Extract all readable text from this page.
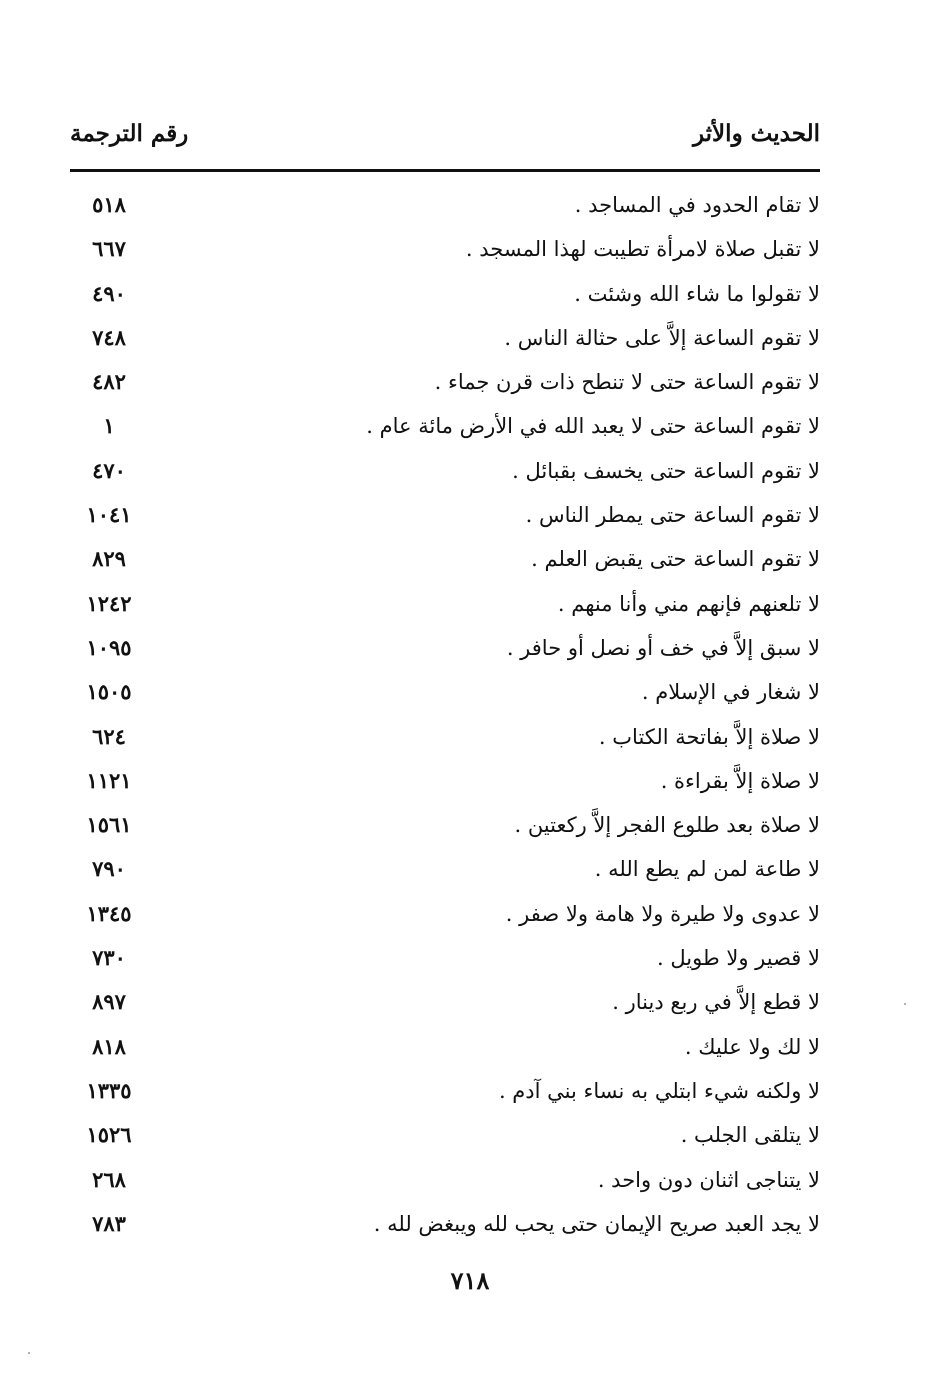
الحديث والأثر
رقم الترجمة
لا تقام الحدود في المساجد .
٥١٨
لا تقبل صلاة لامرأة تطيبت لهذا المسجد .
٦٦٧
لا تقولوا ما شاء الله وشئت .
٤٩٠
لا تقوم الساعة إلاَّ على حثالة الناس .
٧٤٨
لا تقوم الساعة حتى لا تنطح ذات قرن جماء .
٤٨٢
لا تقوم الساعة حتى لا يعبد الله في الأرض مائة عام .
١
لا تقوم الساعة حتى يخسف بقبائل .
٤٧٠
لا تقوم الساعة حتى يمطر الناس .
١٠٤١
لا تقوم الساعة حتى يقبض العلم .
٨٢٩
لا تلعنهم فإنهم مني وأنا منهم .
١٢٤٢
لا سبق إلاَّ في خف أو نصل أو حافر .
١٠٩٥
لا شغار في الإسلام .
١٥٠٥
لا صلاة إلاَّ بفاتحة الكتاب .
٦٢٤
لا صلاة إلاَّ بقراءة .
١١٢١
لا صلاة بعد طلوع الفجر إلاَّ ركعتين .
١٥٦١
لا طاعة لمن لم يطع الله .
٧٩٠
لا عدوى ولا طيرة ولا هامة ولا صفر .
١٣٤٥
لا قصير ولا طويل .
٧٣٠
لا قطع إلاَّ في ربع دينار .
٨٩٧
لا لك ولا عليك .
٨١٨
لا ولكنه شيء ابتلي به نساء بني آدم .
١٣٣٥
لا يتلقى الجلب .
١٥٢٦
لا يتناجى اثنان دون واحد .
٢٦٨
لا يجد العبد صريح الإيمان حتى يحب لله ويبغض لله .
٧٨٣
٧١٨
